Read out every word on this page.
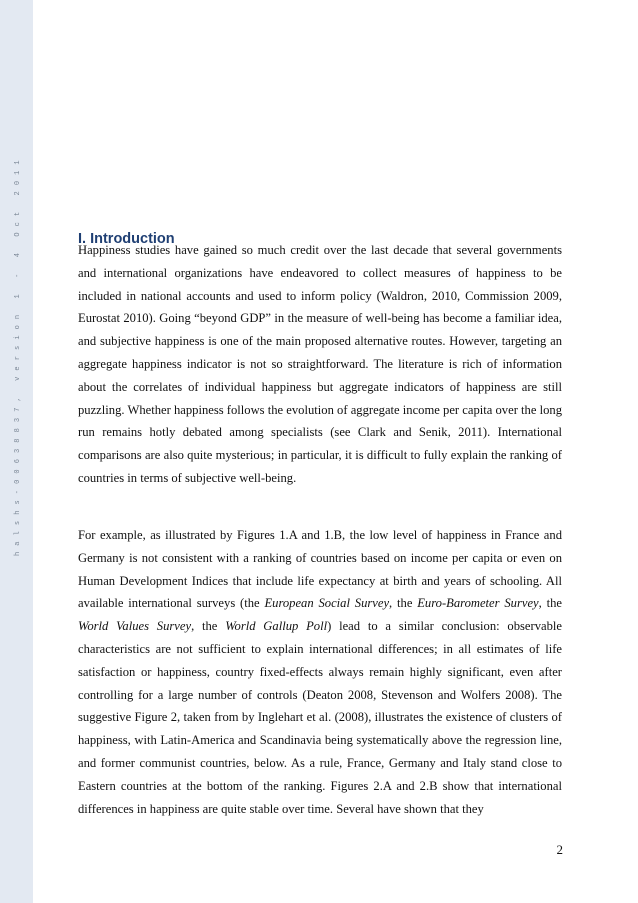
halshs-00638837, version 1 - 4 Oct 2011	I. Introduction

Happiness studies have gained so much credit over the last decade that several governments and international organizations have endeavored to collect measures of happiness to be included in national accounts and used to inform policy (Waldron, 2010, Commission 2009, Eurostat 2010). Going “beyond GDP” in the measure of well-being has become a familiar idea, and subjective happiness is one of the main proposed alternative routes. However, targeting an aggregate happiness indicator is not so straightforward. The literature is rich of information about the correlates of individual happiness but aggregate indicators of happiness are still puzzling. Whether happiness follows the evolution of aggregate income per capita over the long run remains hotly debated among specialists (see Clark and Senik, 2011). International comparisons are also quite mysterious; in particular, it is difficult to fully explain the ranking of countries in terms of subjective well-being.

For example, as illustrated by Figures 1.A and 1.B, the low level of happiness in France and Germany is not consistent with a ranking of countries based on income per capita or even on Human Development Indices that include life expectancy at birth and years of schooling. All available international surveys (the European Social Survey, the Euro-Barometer Survey, the World Values Survey, the World Gallup Poll) lead to a similar conclusion: observable characteristics are not sufficient to explain international differences; in all estimates of life satisfaction or happiness, country fixed-effects always remain highly significant, even after controlling for a large number of controls (Deaton 2008, Stevenson and Wolfers 2008). The suggestive Figure 2, taken from by Inglehart et al. (2008), illustrates the existence of clusters of happiness, with Latin-America and Scandinavia being systematically above the regression line, and former communist countries, below. As a rule, France, Germany and Italy stand close to Eastern countries at the bottom of the ranking. Figures 2.A and 2.B show that international differences in happiness are quite stable over time. Several have shown that they

2
